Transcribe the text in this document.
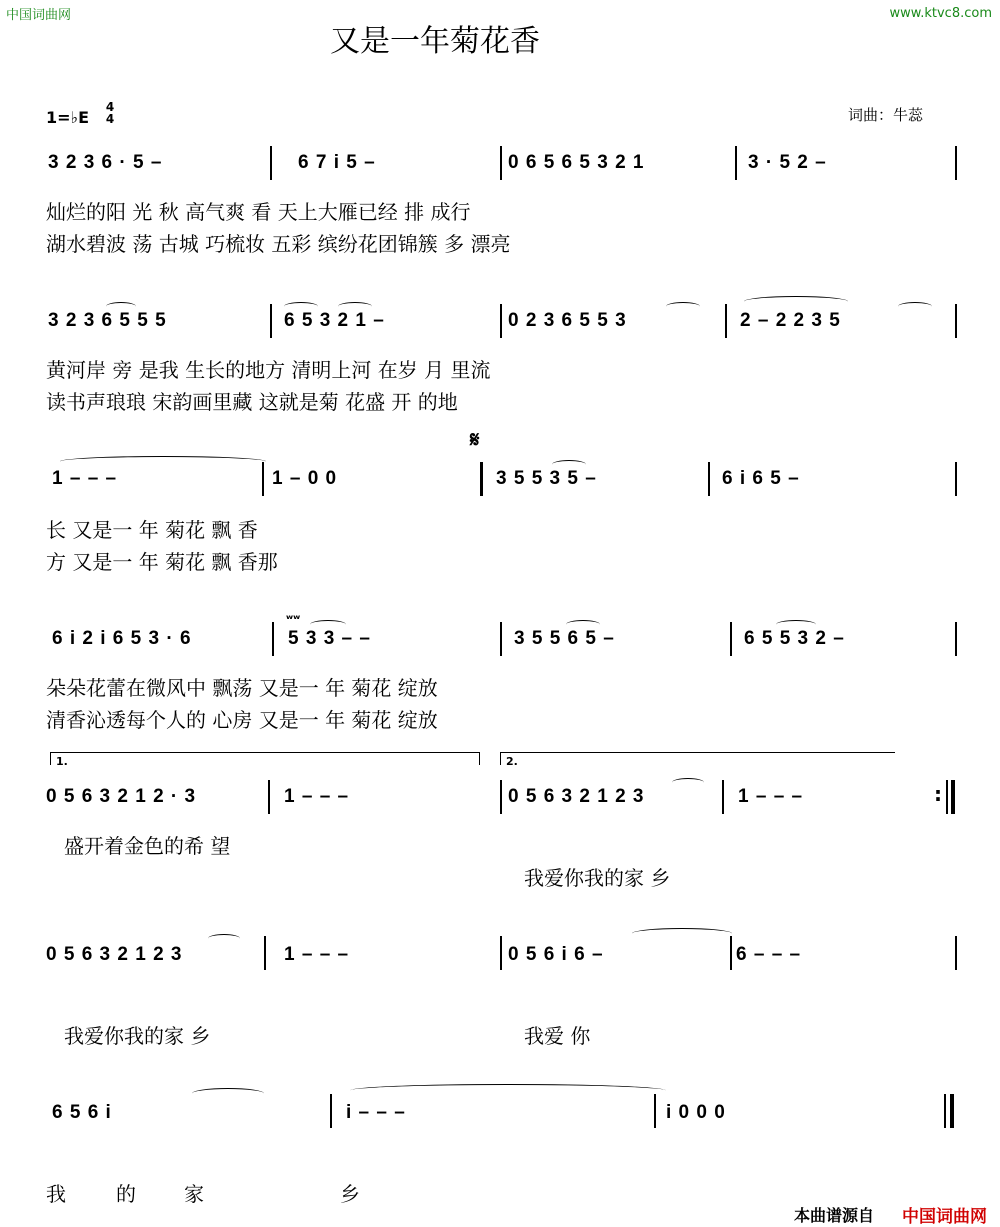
中国词曲网	www.ktvc8.com
又是一年菊花香
1=♭E
4
4	词曲：牛蕊
3 2 3 6 · 5 –	6 7 i 5 –	0 6 5 6 5 3 2 1	3 · 5 2 –
灿烂的阳 光 秋 高气爽 看 天上大雁已经 排 成行
湖水碧波 荡 古城 巧梳妆 五彩 缤纷花团锦簇 多 漂亮
3 2 3 6 5 5 5	6 5 3 2 1 –	0 2 3 6 5 5 3	2 – 2 2 3 5
黄河岸 旁 是我 生长的地方 清明上河 在岁 月 里流
读书声琅琅 宋韵画里藏 这就是菊 花盛 开 的地
𝄋
1 – – –	1 – 0 0	3 5 5 3 5 –	6 i 6 5 –
长 又是一 年 菊花 飘 香
方 又是一 年 菊花 飘 香那
ʷʷ
6 i 2 i 6 5 3 · 6	5 3 3 – –	3 5 5 6 5 –	6 5 5 3 2 –
朵朵花蕾在微风中 飘荡 又是一 年 菊花 绽放
清香沁透每个人的 心房 又是一 年 菊花 绽放
1.	2.
0 5 6 3 2 1 2 · 3	1 – – –	0 5 6 3 2 1 2 3	1 – – –	:
盛开着金色的希 望
我爱你我的家 乡
0 5 6 3 2 1 2 3	1 – – –	0 5 6 i 6 –	6 – – –
我爱你我的家 乡	我爱 你
6 5 6 i	i – – –	i 0 0 0
我	的 家	乡
本曲谱源自 中国词曲网
